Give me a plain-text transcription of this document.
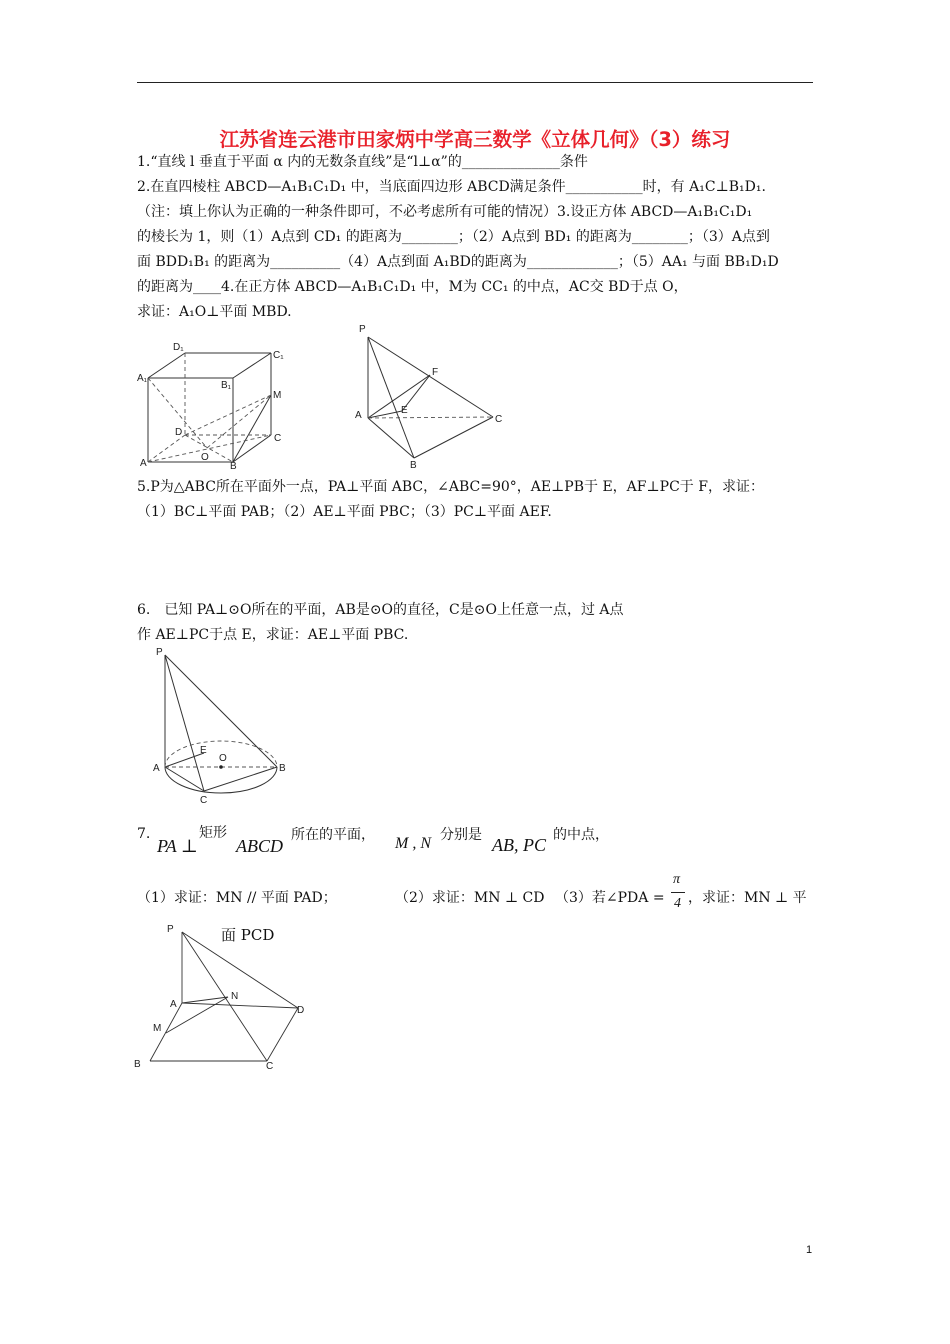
江苏省连云港市田家炳中学高三数学《立体几何》（3）练习
1.“直线 l 垂直于平面 α 内的无数条直线”是“l⊥α”的______________条件
2.在直四棱柱 ABCD—A₁B₁C₁D₁ 中，当底面四边形 ABCD满足条件___________时，有 A₁C⊥B₁D₁.
（注：填上你认为正确的一种条件即可，不必考虑所有可能的情况）3.设正方体 ABCD—A₁B₁C₁D₁
的棱长为 1，则（1）A点到 CD₁ 的距离为________；（2）A点到 BD₁ 的距离为________；（3）A点到
面 BDD₁B₁ 的距离为__________（4）A点到面 A₁BD的距离为_____________；（5）AA₁ 与面 BB₁D₁D
的距离为____4.在正方体 ABCD—A₁B₁C₁D₁ 中，M为 CC₁ 的中点，AC交 BD于点 O，
求证：A₁O⊥平面 MBD.
D₁
C₁
A₁
B₁
M
D
C
O
A	B
P
F
E
A	C
B
5.P为△ABC所在平面外一点，PA⊥平面 ABC，∠ABC=90°，AE⊥PB于 E，AF⊥PC于 F，求证：
（1）BC⊥平面 PAB；（2）AE⊥平面 PBC；（3）PC⊥平面 AEF.
6.　已知 PA⊥⊙O所在的平面，AB是⊙O的直径，C是⊙O上任意一点，过 A点
作 AE⊥PC于点 E，求证：AE⊥平面 PBC.
P
E
O
A	B
C
7.
PA ⊥
矩形
ABCD
所在的平面， M , N 分别是 AB, PC 的中点，
（1）求证：MN // 平面 PAD；	（2）求证：MN ⊥ CD （3）若∠PDA =
π
4 ，求证：MN ⊥ 平
面 PCD
P
A
N
D
M
B	C
1
